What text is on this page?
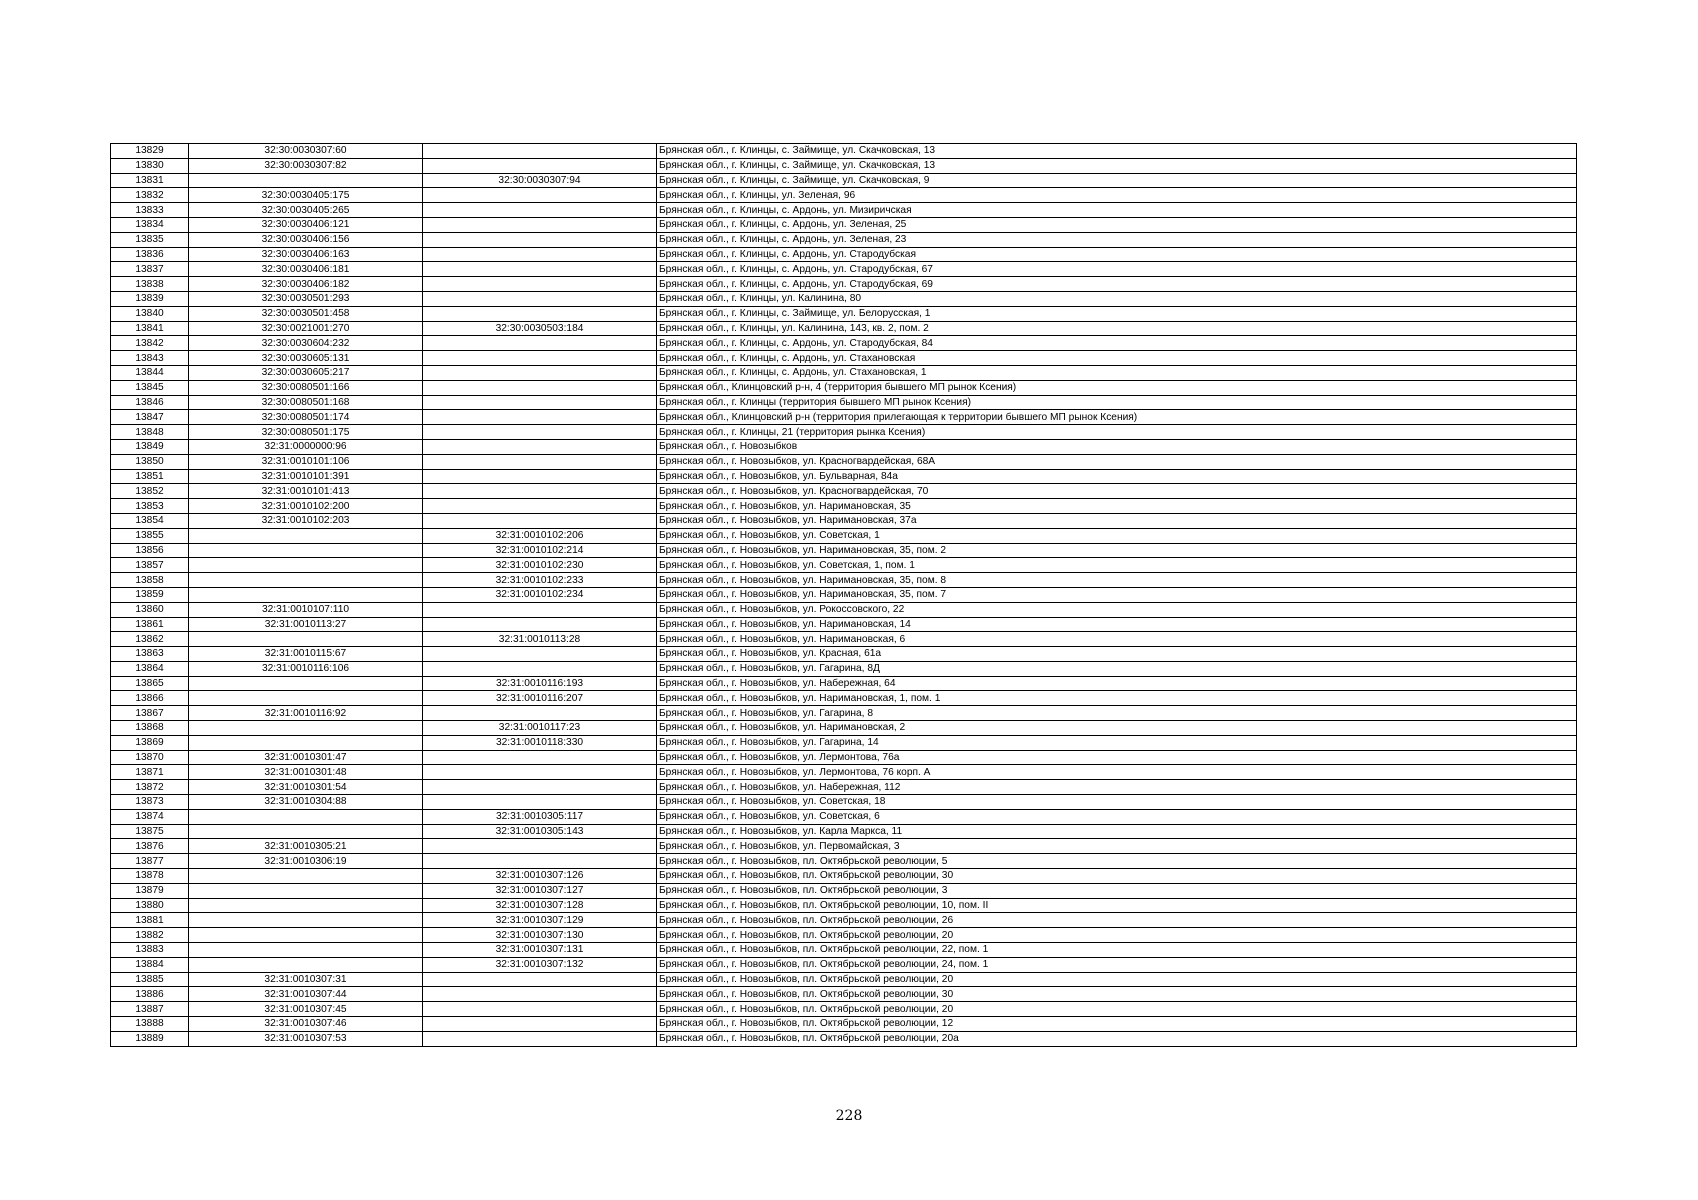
13829	32:30:0030307:60		Брянская обл., г. Клинцы, с. Займище, ул. Скачковская, 13
13830	32:30:0030307:82		Брянская обл., г. Клинцы, с. Займище, ул. Скачковская, 13
13831		32:30:0030307:94	Брянская обл., г. Клинцы, с. Займище, ул. Скачковская, 9
13832	32:30:0030405:175		Брянская обл., г. Клинцы, ул. Зеленая, 96
13833	32:30:0030405:265		Брянская обл., г. Клинцы, с. Ардонь, ул. Мизиричская
13834	32:30:0030406:121		Брянская обл., г. Клинцы, с. Ардонь, ул. Зеленая, 25
13835	32:30:0030406:156		Брянская обл., г. Клинцы, с. Ардонь, ул. Зеленая, 23
13836	32:30:0030406:163		Брянская обл., г. Клинцы, с. Ардонь, ул. Стародубская
13837	32:30:0030406:181		Брянская обл., г. Клинцы, с. Ардонь, ул. Стародубская, 67
13838	32:30:0030406:182		Брянская обл., г. Клинцы, с. Ардонь, ул. Стародубская, 69
13839	32:30:0030501:293		Брянская обл., г. Клинцы, ул. Калинина, 80
13840	32:30:0030501:458		Брянская обл., г. Клинцы, с. Займище, ул. Белорусская, 1
13841	32:30:0021001:270	32:30:0030503:184	Брянская обл., г. Клинцы, ул. Калинина, 143, кв. 2, пом. 2
13842	32:30:0030604:232		Брянская обл., г. Клинцы, с. Ардонь, ул. Стародубская, 84
13843	32:30:0030605:131		Брянская обл., г. Клинцы, с. Ардонь, ул. Стахановская
13844	32:30:0030605:217		Брянская обл., г. Клинцы, с. Ардонь, ул. Стахановская, 1
13845	32:30:0080501:166		Брянская обл., Клинцовский р-н, 4 (территория бывшего МП рынок Ксения)
13846	32:30:0080501:168		Брянская обл., г. Клинцы (территория бывшего МП рынок Ксения)
13847	32:30:0080501:174		Брянская обл., Клинцовский р-н (территория прилегающая к территории бывшего МП рынок Ксения)
13848	32:30:0080501:175		Брянская обл., г. Клинцы, 21 (территория рынка Ксения)
13849	32:31:0000000:96		Брянская обл., г. Новозыбков
13850	32:31:0010101:106		Брянская обл., г. Новозыбков, ул. Красногвардейская, 68А
13851	32:31:0010101:391		Брянская обл., г. Новозыбков, ул. Бульварная, 84а
13852	32:31:0010101:413		Брянская обл., г. Новозыбков, ул. Красногвардейская, 70
13853	32:31:0010102:200		Брянская обл., г. Новозыбков, ул. Наримановская, 35
13854	32:31:0010102:203		Брянская обл., г. Новозыбков, ул. Наримановская, 37а
13855		32:31:0010102:206	Брянская обл., г. Новозыбков, ул. Советская, 1
13856		32:31:0010102:214	Брянская обл., г. Новозыбков, ул. Наримановская, 35, пом. 2
13857		32:31:0010102:230	Брянская обл., г. Новозыбков, ул. Советская, 1, пом. 1
13858		32:31:0010102:233	Брянская обл., г. Новозыбков, ул. Наримановская, 35, пом. 8
13859		32:31:0010102:234	Брянская обл., г. Новозыбков, ул. Наримановская, 35, пом. 7
13860	32:31:0010107:110		Брянская обл., г. Новозыбков, ул. Рокоссовского, 22
13861	32:31:0010113:27		Брянская обл., г. Новозыбков, ул. Наримановская, 14
13862		32:31:0010113:28	Брянская обл., г. Новозыбков, ул. Наримановская, 6
13863	32:31:0010115:67		Брянская обл., г. Новозыбков, ул. Красная, 61а
13864	32:31:0010116:106		Брянская обл., г. Новозыбков, ул. Гагарина, 8Д
13865		32:31:0010116:193	Брянская обл., г. Новозыбков, ул. Набережная, 64
13866		32:31:0010116:207	Брянская обл., г. Новозыбков, ул. Наримановская, 1, пом. 1
13867	32:31:0010116:92		Брянская обл., г. Новозыбков, ул. Гагарина, 8
13868		32:31:0010117:23	Брянская обл., г. Новозыбков, ул. Наримановская, 2
13869		32:31:0010118:330	Брянская обл., г. Новозыбков, ул. Гагарина, 14
13870	32:31:0010301:47		Брянская обл., г. Новозыбков, ул. Лермонтова, 76а
13871	32:31:0010301:48		Брянская обл., г. Новозыбков, ул. Лермонтова, 76 корп. А
13872	32:31:0010301:54		Брянская обл., г. Новозыбков, ул. Набережная, 112
13873	32:31:0010304:88		Брянская обл., г. Новозыбков, ул. Советская, 18
13874		32:31:0010305:117	Брянская обл., г. Новозыбков, ул. Советская, 6
13875		32:31:0010305:143	Брянская обл., г. Новозыбков, ул. Карла Маркса, 11
13876	32:31:0010305:21		Брянская обл., г. Новозыбков, ул. Первомайская, 3
13877	32:31:0010306:19		Брянская обл., г. Новозыбков, пл. Октябрьской революции, 5
13878		32:31:0010307:126	Брянская обл., г. Новозыбков, пл. Октябрьской революции, 30
13879		32:31:0010307:127	Брянская обл., г. Новозыбков, пл. Октябрьской революции, 3
13880		32:31:0010307:128	Брянская обл., г. Новозыбков, пл. Октябрьской революции, 10, пом. II
13881		32:31:0010307:129	Брянская обл., г. Новозыбков, пл. Октябрьской революции, 26
13882		32:31:0010307:130	Брянская обл., г. Новозыбков, пл. Октябрьской революции, 20
13883		32:31:0010307:131	Брянская обл., г. Новозыбков, пл. Октябрьской революции, 22, пом. 1
13884		32:31:0010307:132	Брянская обл., г. Новозыбков, пл. Октябрьской революции, 24, пом. 1
13885	32:31:0010307:31		Брянская обл., г. Новозыбков, пл. Октябрьской революции, 20
13886	32:31:0010307:44		Брянская обл., г. Новозыбков, пл. Октябрьской революции, 30
13887	32:31:0010307:45		Брянская обл., г. Новозыбков, пл. Октябрьской революции, 20
13888	32:31:0010307:46		Брянская обл., г. Новозыбков, пл. Октябрьской революции, 12
13889	32:31:0010307:53		Брянская обл., г. Новозыбков, пл. Октябрьской революции, 20а
228
